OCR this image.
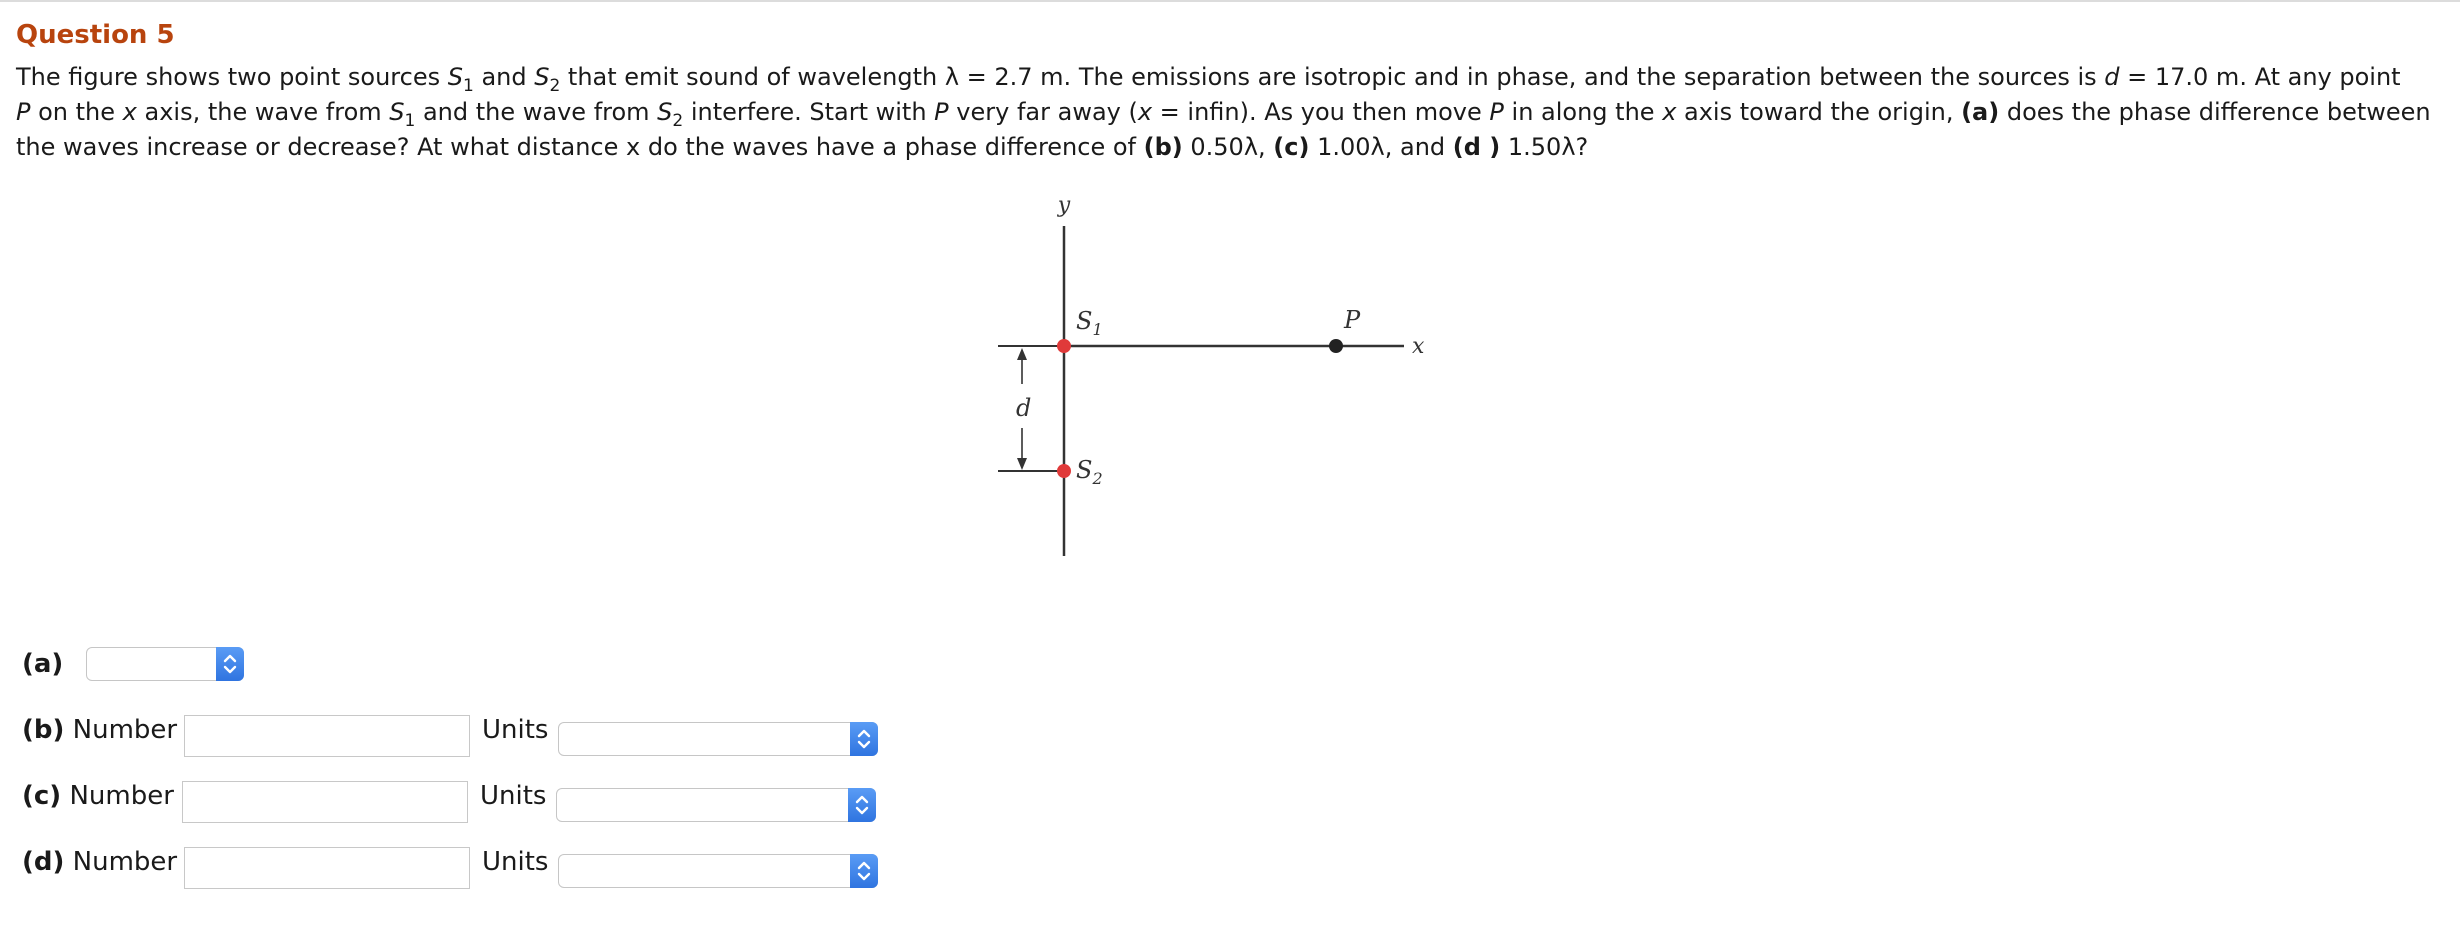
Question 5
The figure shows two point sources $S_1$ and $S_2$ that emit sound of wavelength λ = 2.7 m. The emissions are isotropic and in phase, and the separation between the sources is d = 17.0 m. At any point
P on the x axis, the wave from $S_1$ and the wave from $S_2$ interfere. Start with P very far away (x = infin). As you then move P in along the x axis toward the origin, (a) does the phase difference between the waves increase or decrease? At what distance x do the waves have a phase difference of (b) 0.50λ, (c) 1.00λ, and (d ) 1.50λ?
y
x
d
$S_1$
$S_2$
P
(a)
(b) Number	Units
(c) Number	Units
(d) Number	Units
